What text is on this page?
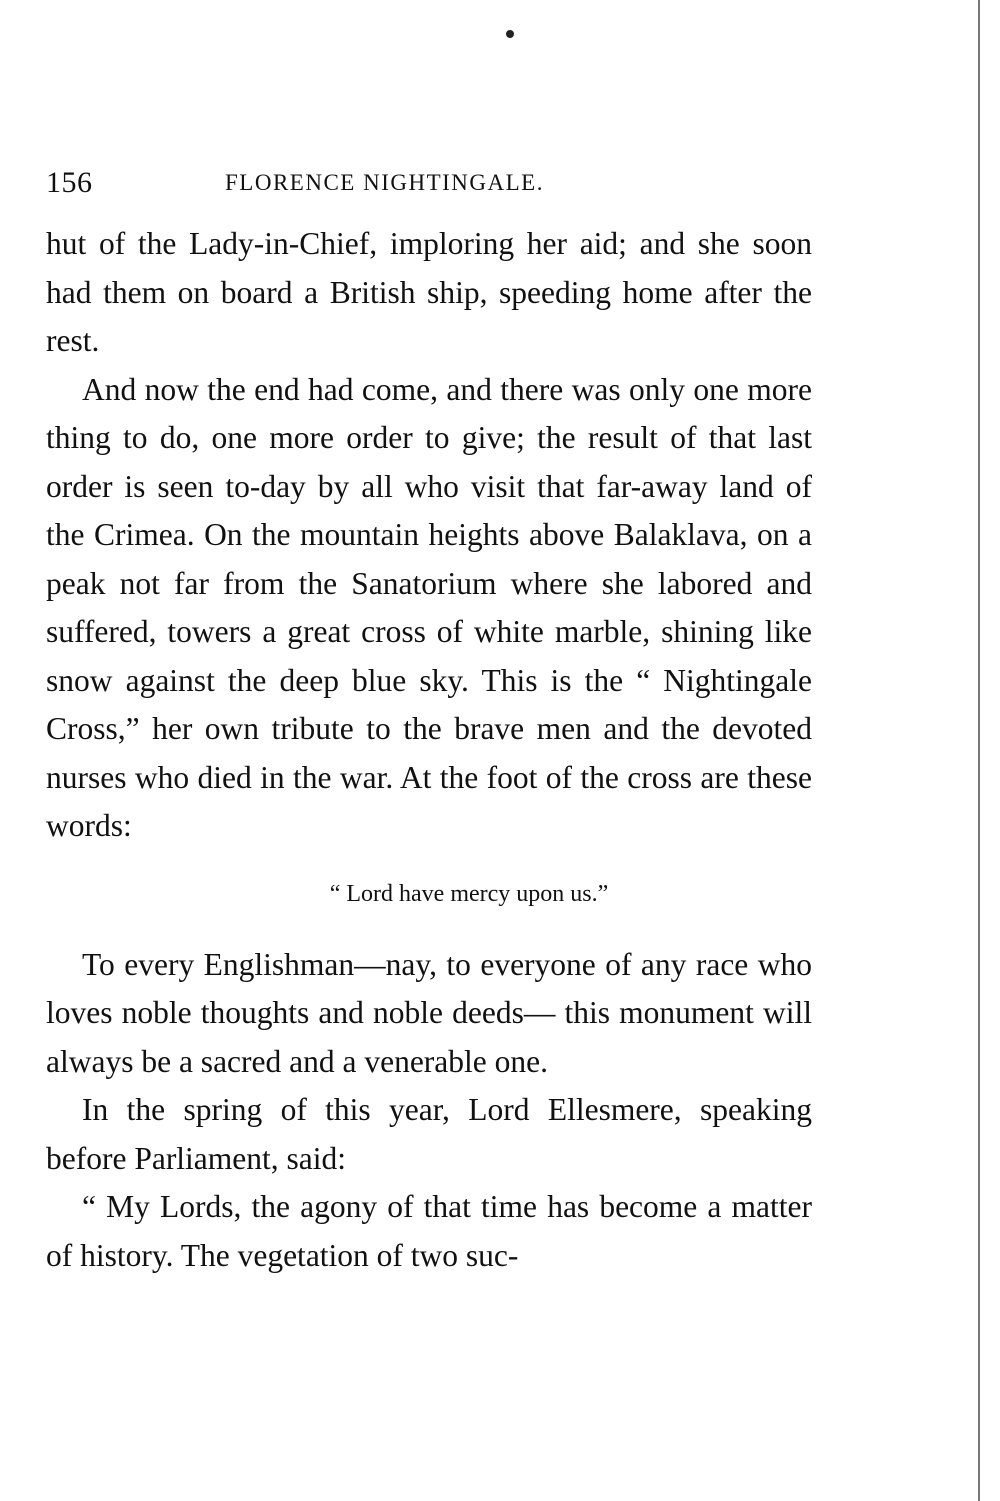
156	FLORENCE NIGHTINGALE.

hut of the Lady-in-Chief, imploring her aid; and she soon had them on board a British ship, speeding home after the rest.

And now the end had come, and there was only one more thing to do, one more order to give; the result of that last order is seen to-day by all who visit that far-away land of the Crimea. On the mountain heights above Balaklava, on a peak not far from the Sanatorium where she labored and suffered, towers a great cross of white marble, shining like snow against the deep blue sky. This is the “ Nightingale Cross,” her own tribute to the brave men and the devoted nurses who died in the war. At the foot of the cross are these words:

“ Lord have mercy upon us.”

To every Englishman—nay, to everyone of any race who loves noble thoughts and noble deeds— this monument will always be a sacred and a venerable one.

In the spring of this year, Lord Ellesmere, speaking before Parliament, said:

“ My Lords, the agony of that time has become a matter of history. The vegetation of two suc-
